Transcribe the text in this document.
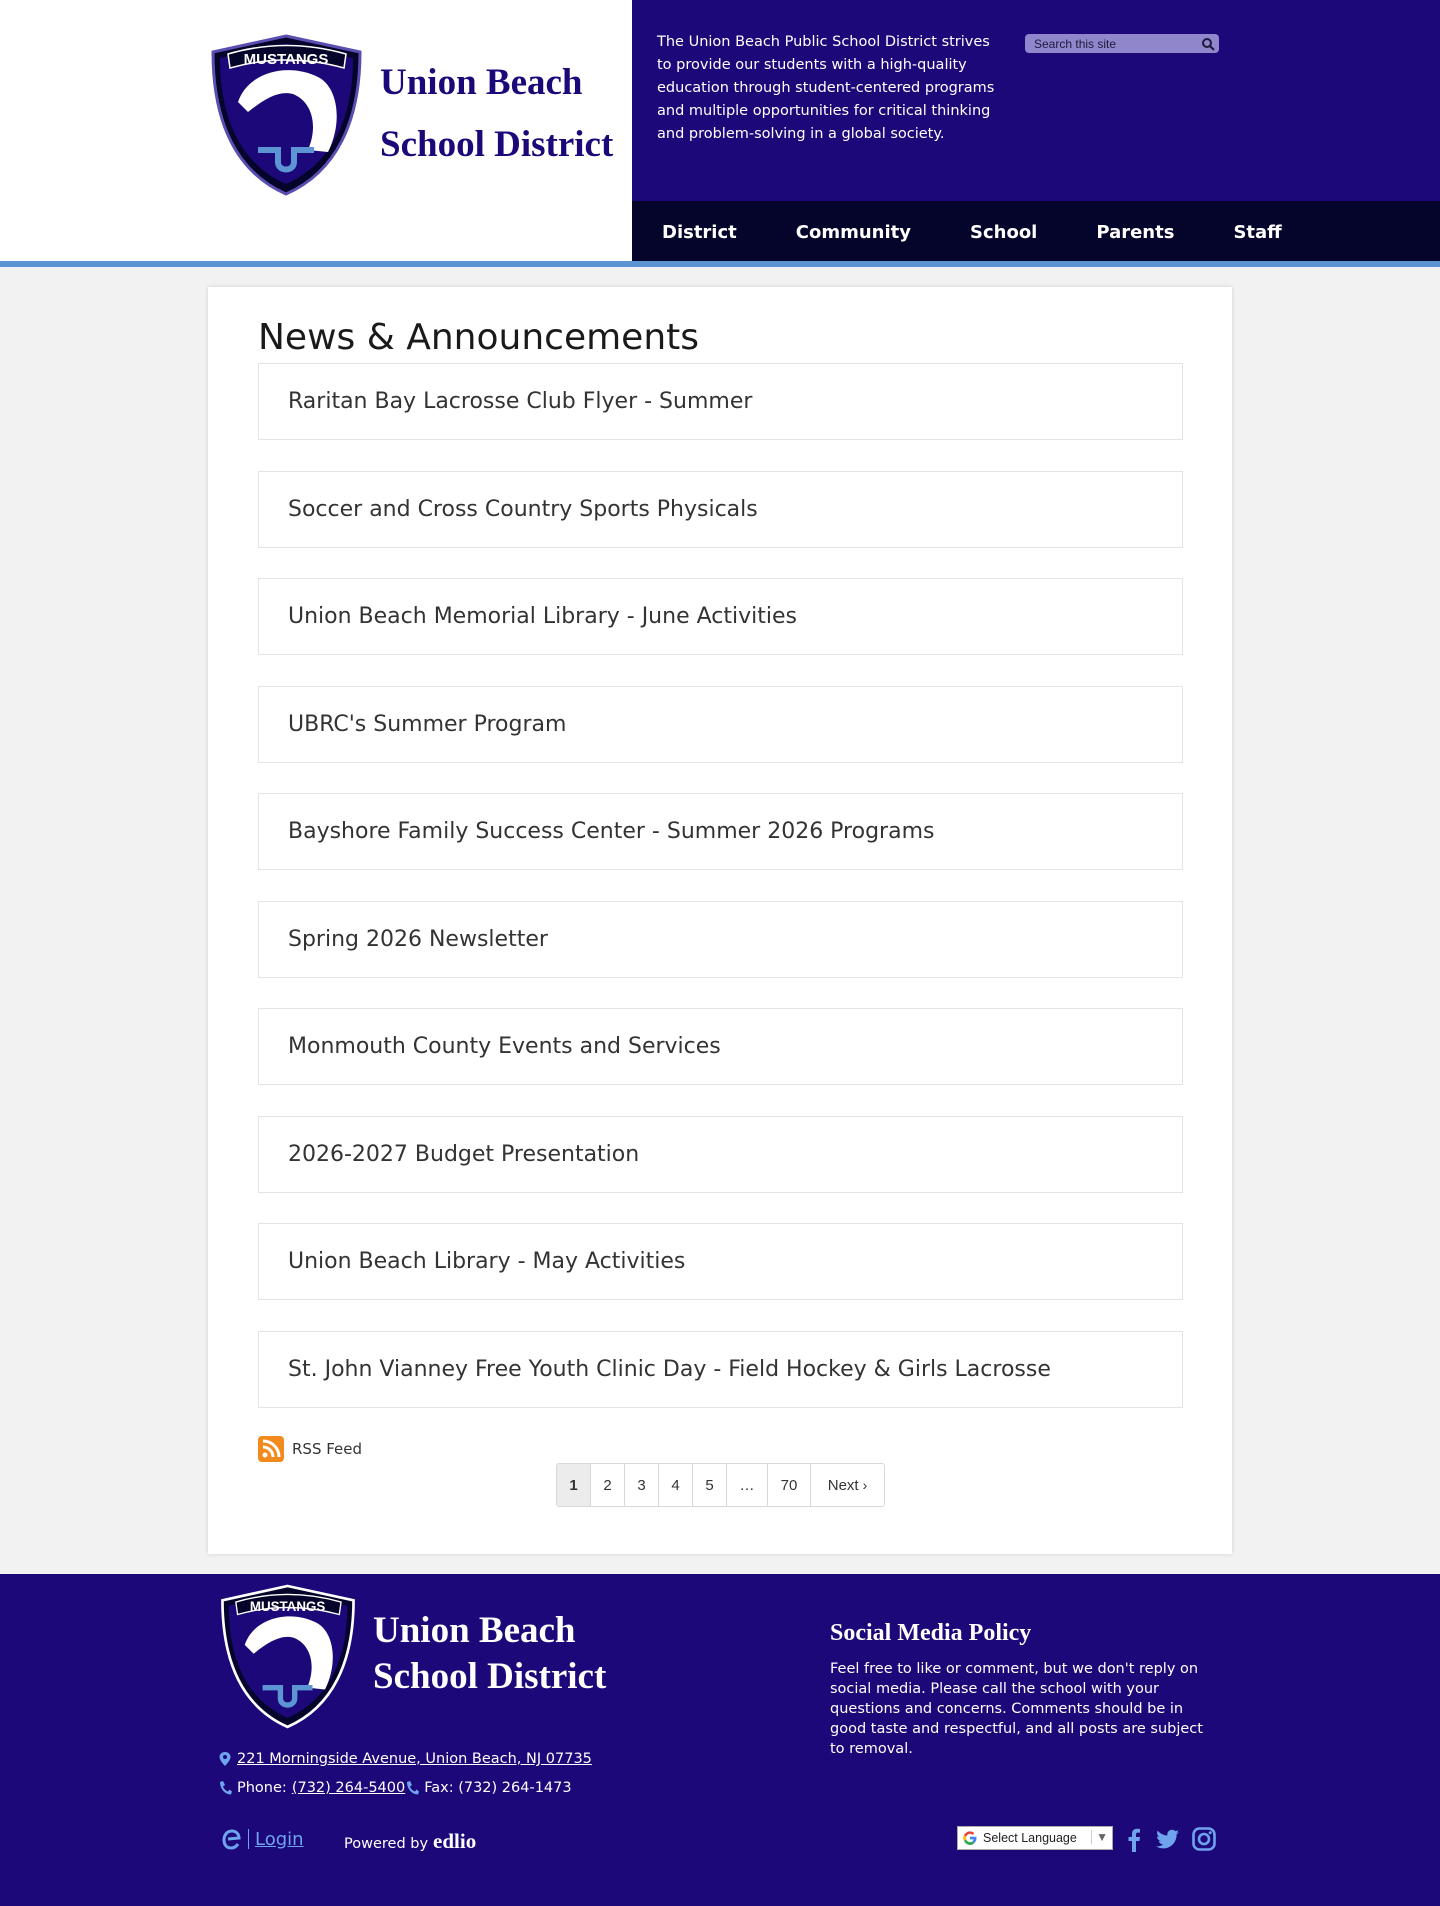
MUSTANGS
Union Beach
School District

The Union Beach Public School District strives to provide our students with a high-quality education through student-centered programs and multiple opportunities for critical thinking and problem-solving in a global society.

Search this site
District	Community	School	Parents	Staff
News & Announcements
Raritan Bay Lacrosse Club Flyer - Summer
Soccer and Cross Country Sports Physicals
Union Beach Memorial Library - June Activities
UBRC's Summer Program
Bayshore Family Success Center - Summer 2026 Programs
Spring 2026 Newsletter
Monmouth County Events and Services
2026-2027 Budget Presentation
Union Beach Library - May Activities
St. John Vianney Free Youth Clinic Day - Field Hockey & Girls Lacrosse
RSS Feed
1	2	3	4	5	…	70	Next ›
MUSTANGS
Union Beach
School District
221 Morningside Avenue, Union Beach, NJ 07735
Phone: (732) 264-5400 Fax: (732) 264-1473
Social Media Policy

Feel free to like or comment, but we don't reply on social media. Please call the school with your questions and concerns. Comments should be in good taste and respectful, and all posts are subject to removal.

Login	Powered by edlio	Select Language	▼
